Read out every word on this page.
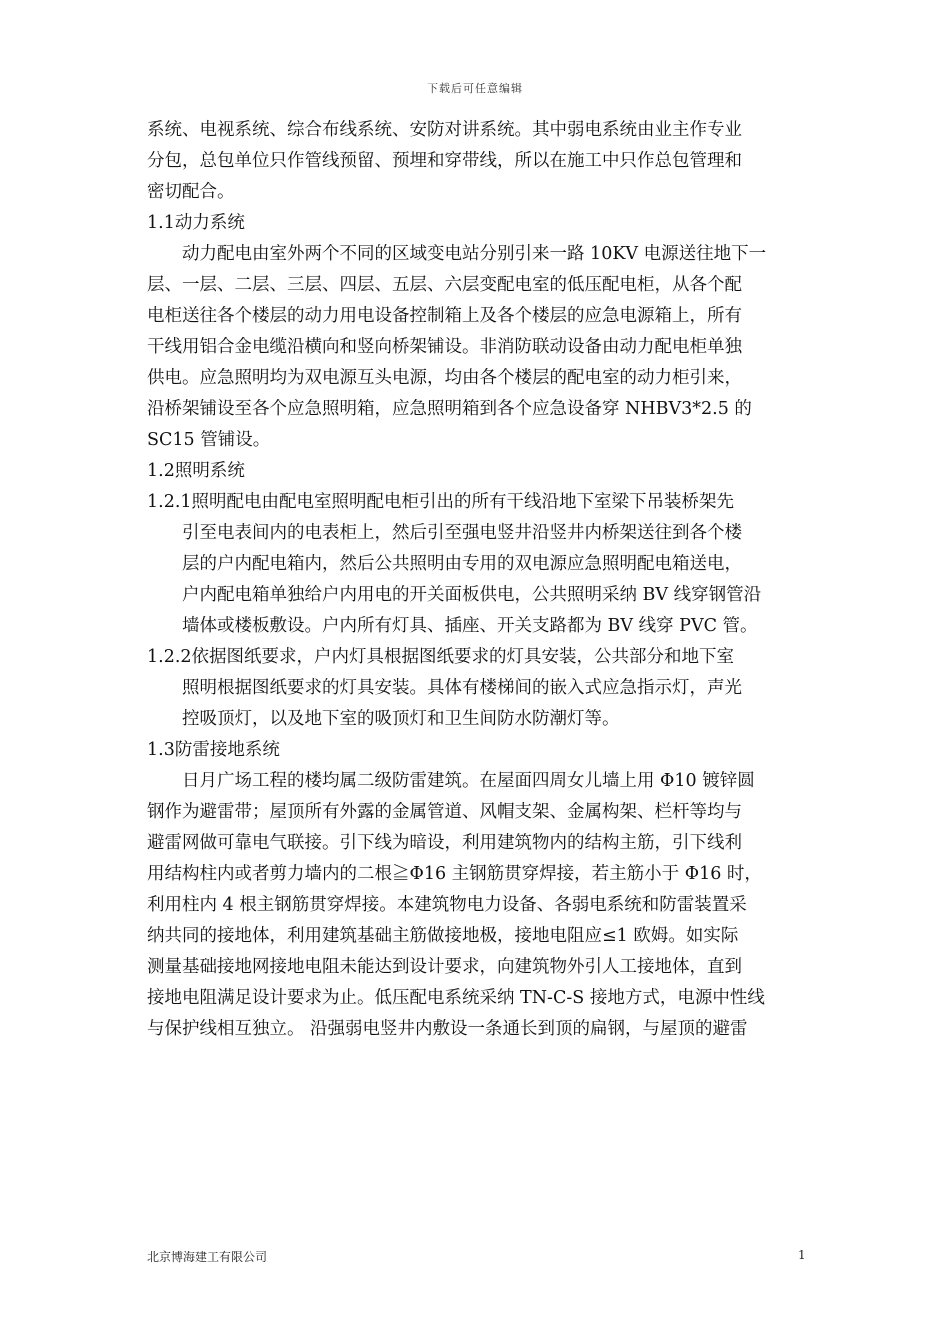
下载后可任意编辑
系统、电视系统、综合布线系统、安防对讲系统。其中弱电系统由业主作专业
分包，总包单位只作管线预留、预埋和穿带线，所以在施工中只作总包管理和
密切配合。
1.1动力系统
动力配电由室外两个不同的区域变电站分别引来一路 10KV 电源送往地下一
层、一层、二层、三层、四层、五层、六层变配电室的低压配电柜，从各个配
电柜送往各个楼层的动力用电设备控制箱上及各个楼层的应急电源箱上，所有
干线用铝合金电缆沿横向和竖向桥架铺设。非消防联动设备由动力配电柜单独
供电。应急照明均为双电源互头电源，均由各个楼层的配电室的动力柜引来，
沿桥架铺设至各个应急照明箱，应急照明箱到各个应急设备穿 NHBV3*2.5 的
SC15 管铺设。
1.2照明系统
1.2.1照明配电由配电室照明配电柜引出的所有干线沿地下室梁下吊装桥架先
引至电表间内的电表柜上，然后引至强电竖井沿竖井内桥架送往到各个楼
层的户内配电箱内，然后公共照明由专用的双电源应急照明配电箱送电，
户内配电箱单独给户内用电的开关面板供电，公共照明采纳 BV 线穿钢管沿
墙体或楼板敷设。户内所有灯具、插座、开关支路都为 BV 线穿 PVC 管。
1.2.2依据图纸要求，户内灯具根据图纸要求的灯具安装，公共部分和地下室
照明根据图纸要求的灯具安装。具体有楼梯间的嵌入式应急指示灯，声光
控吸顶灯，以及地下室的吸顶灯和卫生间防水防潮灯等。
1.3防雷接地系统
日月广场工程的楼均属二级防雷建筑。在屋面四周女儿墙上用 Φ10 镀锌圆
钢作为避雷带；屋顶所有外露的金属管道、风帽支架、金属构架、栏杆等均与
避雷网做可靠电气联接。引下线为暗设，利用建筑物内的结构主筋，引下线利
用结构柱内或者剪力墙内的二根≧Φ16 主钢筋贯穿焊接，若主筋小于 Φ16 时，
利用柱内 4 根主钢筋贯穿焊接。本建筑物电力设备、各弱电系统和防雷装置采
纳共同的接地体，利用建筑基础主筋做接地极，接地电阻应≤1 欧姆。如实际
测量基础接地网接地电阻未能达到设计要求，向建筑物外引人工接地体，直到
接地电阻满足设计要求为止。低压配电系统采纳 TN-C-S 接地方式，电源中性线
与保护线相互独立。 沿强弱电竖井内敷设一条通长到顶的扁钢，与屋顶的避雷
北京博海建工有限公司	1
